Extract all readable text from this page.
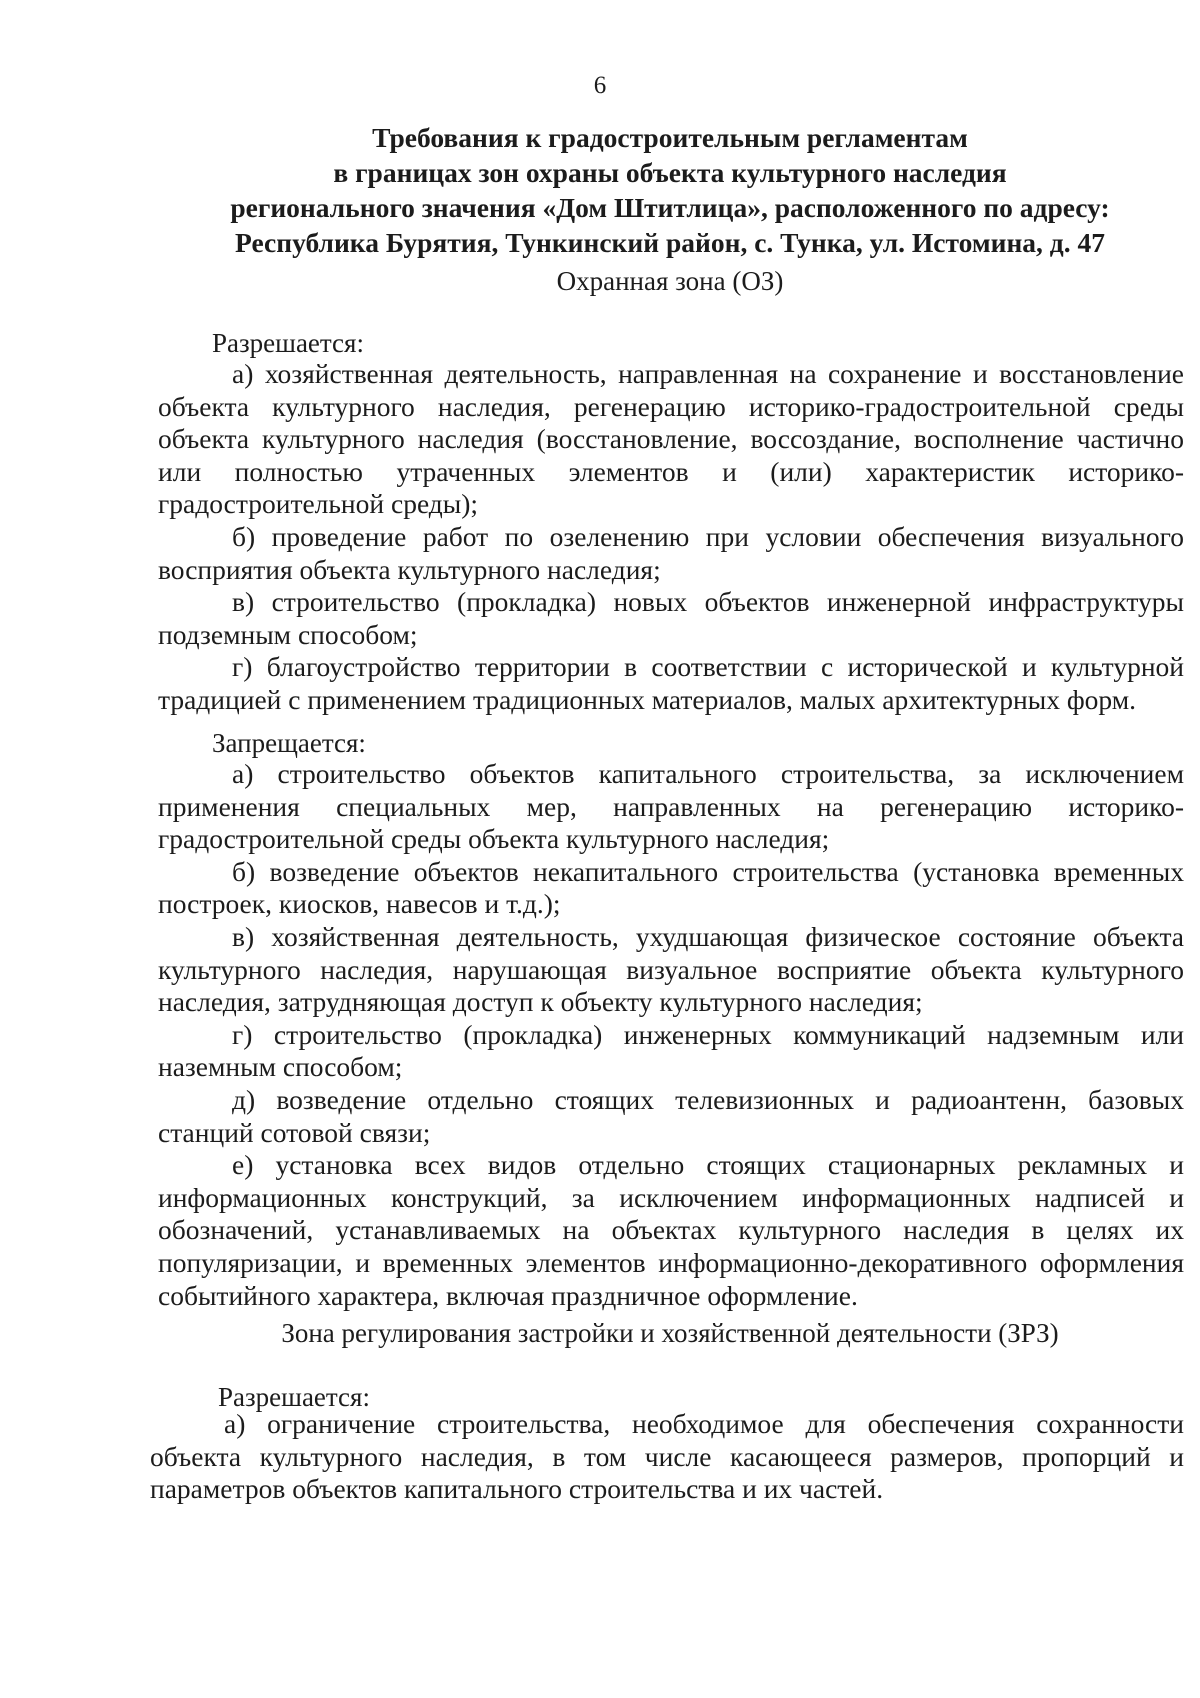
6
Требования к градостроительным регламентам
в границах зон охраны объекта культурного наследия
регионального значения «Дом Штитлица», расположенного по адресу:
Республика Бурятия, Тункинский район, с. Тунка, ул. Истомина, д. 47
Охранная зона (ОЗ)
Разрешается:

а) хозяйственная деятельность, направленная на сохранение и восстановление объекта культурного наследия, регенерацию историко-градостроительной среды объекта культурного наследия (восстановление, воссоздание, восполнение частично или полностью утраченных элементов и (или) характеристик историко-градостроительной среды);

б) проведение работ по озеленению при условии обеспечения визуального восприятия объекта культурного наследия;

в) строительство (прокладка) новых объектов инженерной инфраструктуры подземным способом;

г) благоустройство территории в соответствии с исторической и культурной традицией с применением традиционных материалов, малых архитектурных форм.

Запрещается:

а) строительство объектов капитального строительства, за исключением применения специальных мер, направленных на регенерацию историко-градостроительной среды объекта культурного наследия;

б) возведение объектов некапитального строительства (установка временных построек, киосков, навесов и т.д.);

в) хозяйственная деятельность, ухудшающая физическое состояние объекта культурного наследия, нарушающая визуальное восприятие объекта культурного наследия, затрудняющая доступ к объекту культурного наследия;

г) строительство (прокладка) инженерных коммуникаций надземным или наземным способом;

д) возведение отдельно стоящих телевизионных и радиоантенн, базовых станций сотовой связи;

е) установка всех видов отдельно стоящих стационарных рекламных и информационных конструкций, за исключением информационных надписей и обозначений, устанавливаемых на объектах культурного наследия в целях их популяризации, и временных элементов информационно-декоративного оформления событийного характера, включая праздничное оформление.

Зона регулирования застройки и хозяйственной деятельности (ЗРЗ)
Разрешается:

а) ограничение строительства, необходимое для обеспечения сохранности объекта культурного наследия, в том числе касающееся размеров, пропорций и параметров объектов капитального строительства и их частей.
